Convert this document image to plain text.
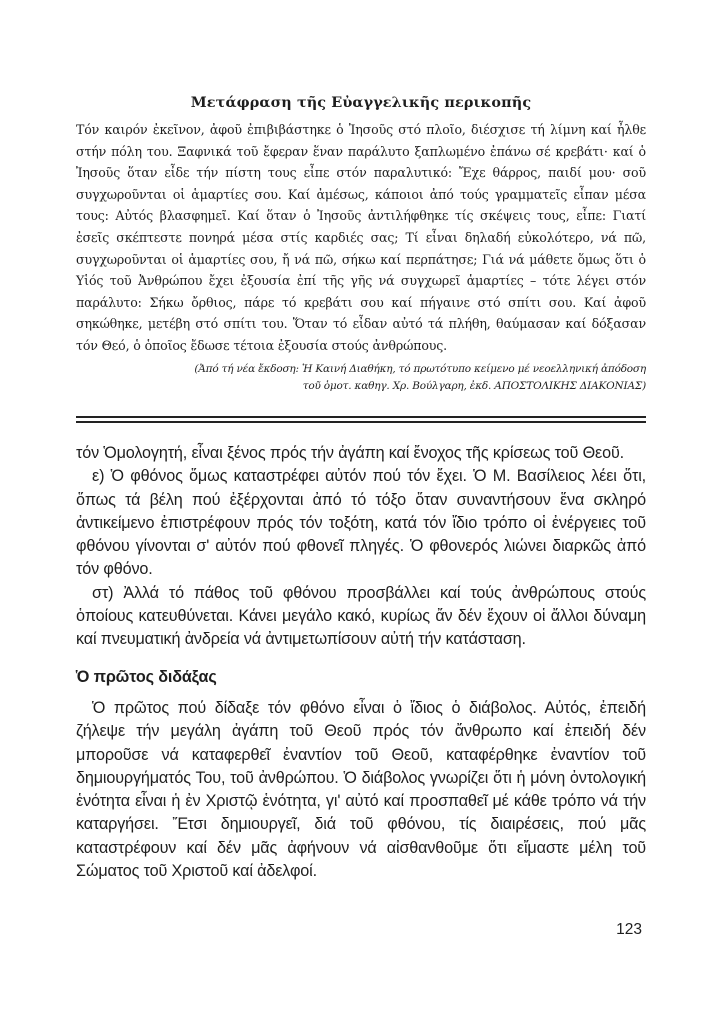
Μετάφραση τῆς Εὐαγγελικῆς περικοπῆς

Τόν καιρόν ἐκεῖνον, ἀφοῦ ἐπιβιβάστηκε ὁ Ἰησοῦς στό πλοῖο, διέσχισε τή λίμνη καί ἦλθε στήν πόλη του. Ξαφνικά τοῦ ἔφεραν ἕναν παράλυτο ξαπλωμένο ἐπάνω σέ κρεβάτι· καί ὁ Ἰησοῦς ὅταν εἶδε τήν πίστη τους εἶπε στόν παραλυτικό: Ἔχε θάρρος, παιδί μου· σοῦ συγχωροῦνται οἱ ἁμαρτίες σου. Καί ἀμέσως, κάποιοι ἀπό τούς γραμματεῖς εἶπαν μέσα τους: Αὐτός βλασφημεῖ. Καί ὅταν ὁ Ἰησοῦς ἀντιλήφθηκε τίς σκέψεις τους, εἶπε: Γιατί ἐσεῖς σκέπτεστε πονηρά μέσα στίς καρδιές σας; Τί εἶναι δηλαδή εὐκολότερο, νά πῶ, συγχωροῦνται οἱ ἁμαρτίες σου, ἤ νά πῶ, σήκω καί περπάτησε; Γιά νά μάθετε ὅμως ὅτι ὁ Υἱός τοῦ Ἀνθρώπου ἔχει ἐξουσία ἐπί τῆς γῆς νά συγχωρεῖ ἁμαρτίες – τότε λέγει στόν παράλυτο: Σήκω ὄρθιος, πάρε τό κρεβάτι σου καί πήγαινε στό σπίτι σου. Καί ἀφοῦ σηκώθηκε, μετέβη στό σπίτι του. Ὅταν τό εἶδαν αὐτό τά πλήθη, θαύμασαν καί δόξασαν τόν Θεό, ὁ ὁποῖος ἔδωσε τέτοια ἐξουσία στούς ἀνθρώπους.

(Ἀπό τή νέα ἔκδοση: Ἡ Καινή Διαθήκη, τό πρωτότυπο κείμενο μέ νεοελληνική ἀπόδοση
τοῦ ὁμοτ. καθηγ. Χρ. Βούλγαρη, ἐκδ. ΑΠΟΣΤΟΛΙΚΗΣ ΔΙΑΚΟΝΙΑΣ)

τόν Ὁμολογητή, εἶναι ξένος πρός τήν ἀγάπη καί ἔνοχος τῆς κρίσεως τοῦ Θεοῦ.

ε) Ὁ φθόνος ὅμως καταστρέφει αὐτόν πού τόν ἔχει. Ὁ Μ. Βασίλειος λέει ὅτι, ὅπως τά βέλη πού ἐξέρχονται ἀπό τό τόξο ὅταν συναντήσουν ἕνα σκληρό ἀντικείμενο ἐπιστρέφουν πρός τόν τοξότη, κατά τόν ἴδιο τρόπο οἱ ἐνέργειες τοῦ φθόνου γίνονται σ' αὐτόν πού φθονεῖ πληγές. Ὁ φθονερός λιώνει διαρκῶς ἀπό τόν φθόνο.

στ) Ἀλλά τό πάθος τοῦ φθόνου προσβάλλει καί τούς ἀνθρώπους στούς ὁποίους κατευθύνεται. Κάνει μεγάλο κακό, κυρίως ἄν δέν ἔχουν οἱ ἄλλοι δύναμη καί πνευματική ἀνδρεία νά ἀντιμετωπίσουν αὐτή τήν κατάσταση.

Ὁ πρῶτος διδάξας

Ὁ πρῶτος πού δίδαξε τόν φθόνο εἶναι ὁ ἴδιος ὁ διάβολος. Αὐτός, ἐπειδή ζήλεψε τήν μεγάλη ἀγάπη τοῦ Θεοῦ πρός τόν ἄνθρωπο καί ἐπειδή δέν μποροῦσε νά καταφερθεῖ ἐναντίον τοῦ Θεοῦ, καταφέρθηκε ἐναντίον τοῦ δημιουργήματός Του, τοῦ ἀνθρώπου. Ὁ διάβολος γνωρίζει ὅτι ἡ μόνη ὀντολογική ἑνότητα εἶναι ἡ ἐν Χριστῷ ἑνότητα, γι' αὐτό καί προσπαθεῖ μέ κάθε τρόπο νά τήν καταργήσει. Ἔτσι δημιουργεῖ, διά τοῦ φθόνου, τίς διαιρέσεις, πού μᾶς καταστρέφουν καί δέν μᾶς ἀφήνουν νά αἰσθανθοῦμε ὅτι εἴμαστε μέλη τοῦ Σώματος τοῦ Χριστοῦ καί ἀδελφοί.

123
